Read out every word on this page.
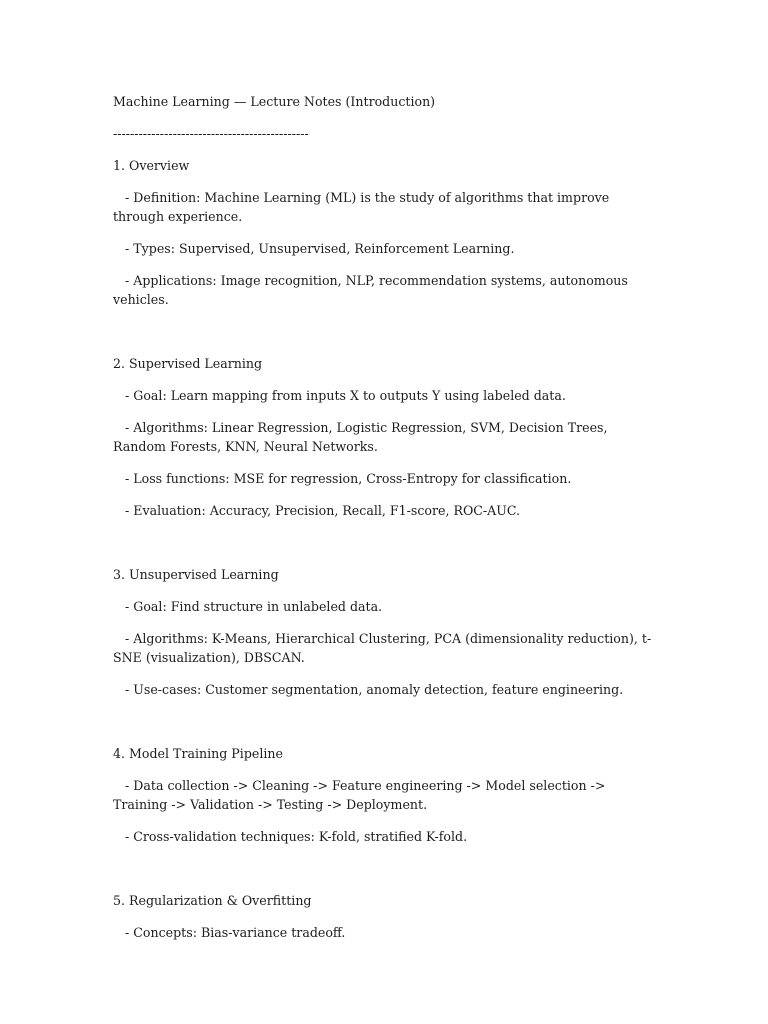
Machine Learning — Lecture Notes (Introduction)
----------------------------------------------
1. Overview
- Definition: Machine Learning (ML) is the study of algorithms that improve through experience.
- Types: Supervised, Unsupervised, Reinforcement Learning.
- Applications: Image recognition, NLP, recommendation systems, autonomous vehicles.
2. Supervised Learning
- Goal: Learn mapping from inputs X to outputs Y using labeled data.
- Algorithms: Linear Regression, Logistic Regression, SVM, Decision Trees, Random Forests, KNN, Neural Networks.
- Loss functions: MSE for regression, Cross-Entropy for classification.
- Evaluation: Accuracy, Precision, Recall, F1-score, ROC-AUC.
3. Unsupervised Learning
- Goal: Find structure in unlabeled data.
- Algorithms: K-Means, Hierarchical Clustering, PCA (dimensionality reduction), t-SNE (visualization), DBSCAN.
- Use-cases: Customer segmentation, anomaly detection, feature engineering.
4. Model Training Pipeline
- Data collection -> Cleaning -> Feature engineering -> Model selection -> Training -> Validation -> Testing -> Deployment.
- Cross-validation techniques: K-fold, stratified K-fold.
5. Regularization & Overfitting
- Concepts: Bias-variance tradeoff.
